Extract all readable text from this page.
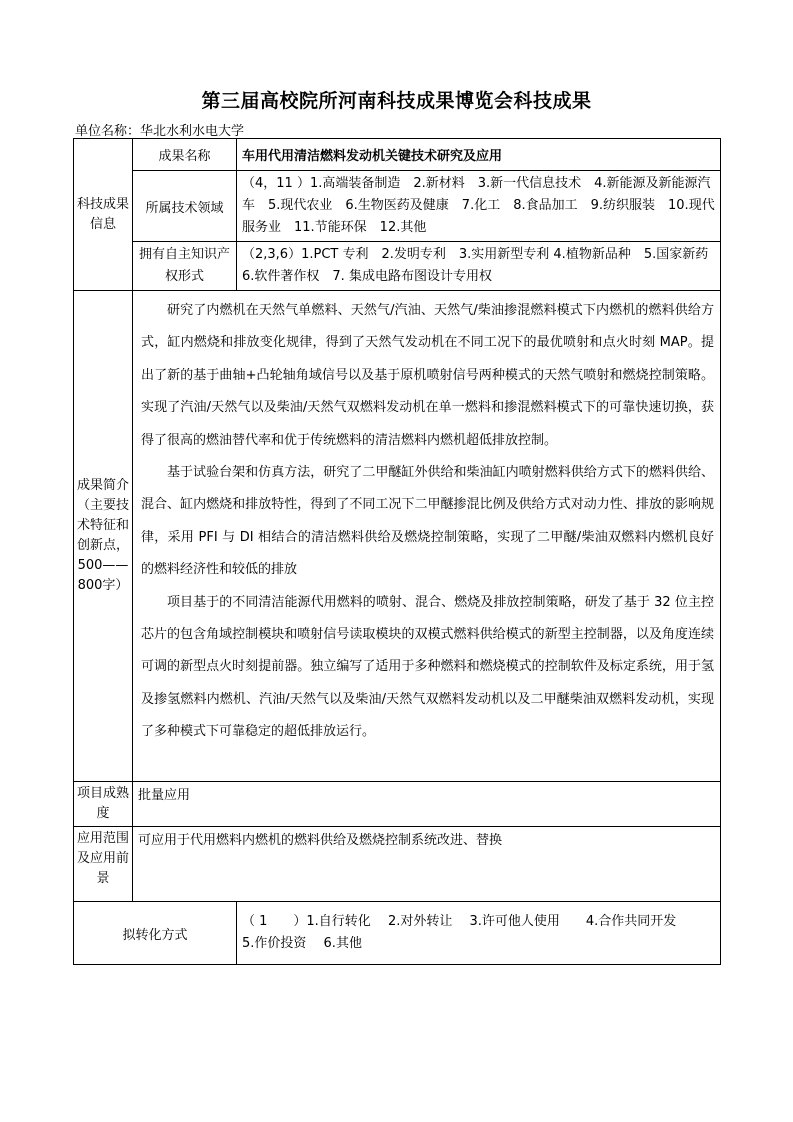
第三届高校院所河南科技成果博览会科技成果
单位名称：华北水利水电大学
科技成果信息	成果名称	车用代用清洁燃料发动机关键技术研究及应用
	所属技术领域	（4，11 ）1.高端装备制造　2.新材料　3.新一代信息技术　4.新能源及新能源汽车　5.现代农业　6.生物医药及健康　7.化工　8.食品加工　9.纺织服装　10.现代服务业　11.节能环保　12.其他
	拥有自主知识产权形式	（2,3,6）1.PCT 专利　2.发明专利　3.实用新型专利 4.植物新品种　5.国家新药　6.软件著作权　7. 集成电路布图设计专用权
成果简介（主要技术特征和创新点，500——800字）	研究了内燃机在天然气单燃料、天然气/汽油、天然气/柴油掺混燃料模式下内燃机的燃料供给方式，缸内燃烧和排放变化规律，得到了天然气发动机在不同工况下的最优喷射和点火时刻 MAP。提出了新的基于曲轴+凸轮轴角域信号以及基于原机喷射信号两种模式的天然气喷射和燃烧控制策略。实现了汽油/天然气以及柴油/天然气双燃料发动机在单一燃料和掺混燃料模式下的可靠快速切换，获得了很高的燃油替代率和优于传统燃料的清洁燃料内燃机超低排放控制。

基于试验台架和仿真方法，研究了二甲醚缸外供给和柴油缸内喷射燃料供给方式下的燃料供给、混合、缸内燃烧和排放特性，得到了不同工况下二甲醚掺混比例及供给方式对动力性、排放的影响规律，采用 PFI 与 DI 相结合的清洁燃料供给及燃烧控制策略，实现了二甲醚/柴油双燃料内燃机良好的燃料经济性和较低的排放

项目基于的不同清洁能源代用燃料的喷射、混合、燃烧及排放控制策略，研发了基于 32 位主控芯片的包含角域控制模块和喷射信号读取模块的双模式燃料供给模式的新型主控制器，以及角度连续可调的新型点火时刻提前器。独立编写了适用于多种燃料和燃烧模式的控制软件及标定系统，用于氢及掺氢燃料内燃机、汽油/天然气以及柴油/天然气双燃料发动机以及二甲醚柴油双燃料发动机，实现了多种模式下可靠稳定的超低排放运行。	

项目成熟度	批量应用	
应用范围及应用前景	可应用于代用燃料内燃机的燃料供给及燃烧控制系统改进、替换	
拟转化方式		（ 1　　）1.自行转化　 2.对外转让　 3.许可他人使用　　4.合作共同开发
5.作价投资　 6.其他
